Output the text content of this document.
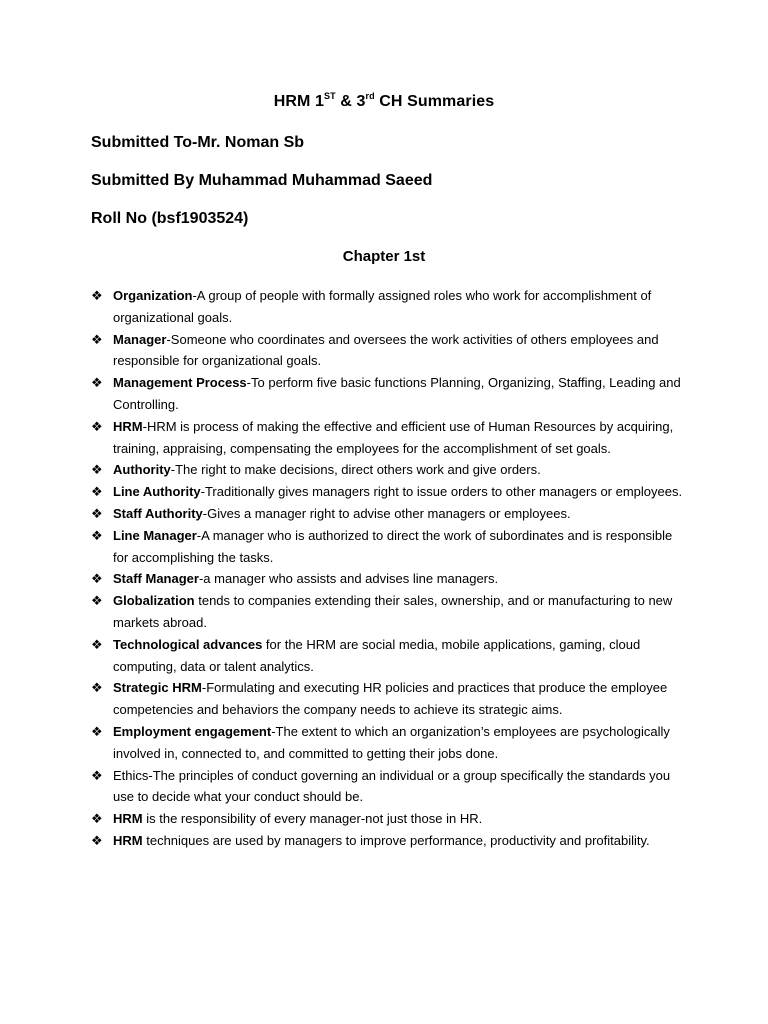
HRM 1ST & 3rd CH Summaries
Submitted To-Mr. Noman Sb
Submitted By Muhammad Muhammad Saeed
Roll No (bsf1903524)
Chapter 1st
❖ Organization-A group of people with formally assigned roles who work for accomplishment of organizational goals.
❖ Manager-Someone who coordinates and oversees the work activities of others employees and responsible for organizational goals.
❖ Management Process-To perform five basic functions Planning, Organizing, Staffing, Leading and Controlling.
❖ HRM-HRM is process of making the effective and efficient use of Human Resources by acquiring, training, appraising, compensating the employees for the accomplishment of set goals.
❖ Authority-The right to make decisions, direct others work and give orders.
❖ Line Authority-Traditionally gives managers right to issue orders to other managers or employees.
❖ Staff Authority-Gives a manager right to advise other managers or employees.
❖ Line Manager-A manager who is authorized to direct the work of subordinates and is responsible for accomplishing the tasks.
❖ Staff Manager-a manager who assists and advises line managers.
❖ Globalization tends to companies extending their sales, ownership, and or manufacturing to new markets abroad.
❖ Technological advances for the HRM are social media, mobile applications, gaming, cloud computing, data or talent analytics.
❖ Strategic HRM-Formulating and executing HR policies and practices that produce the employee competencies and behaviors the company needs to achieve its strategic aims.
❖ Employment engagement-The extent to which an organization’s employees are psychologically involved in, connected to, and committed to getting their jobs done.
❖ Ethics-The principles of conduct governing an individual or a group specifically the standards you use to decide what your conduct should be.
❖ HRM is the responsibility of every manager-not just those in HR.
❖ HRM techniques are used by managers to improve performance, productivity and profitability.
